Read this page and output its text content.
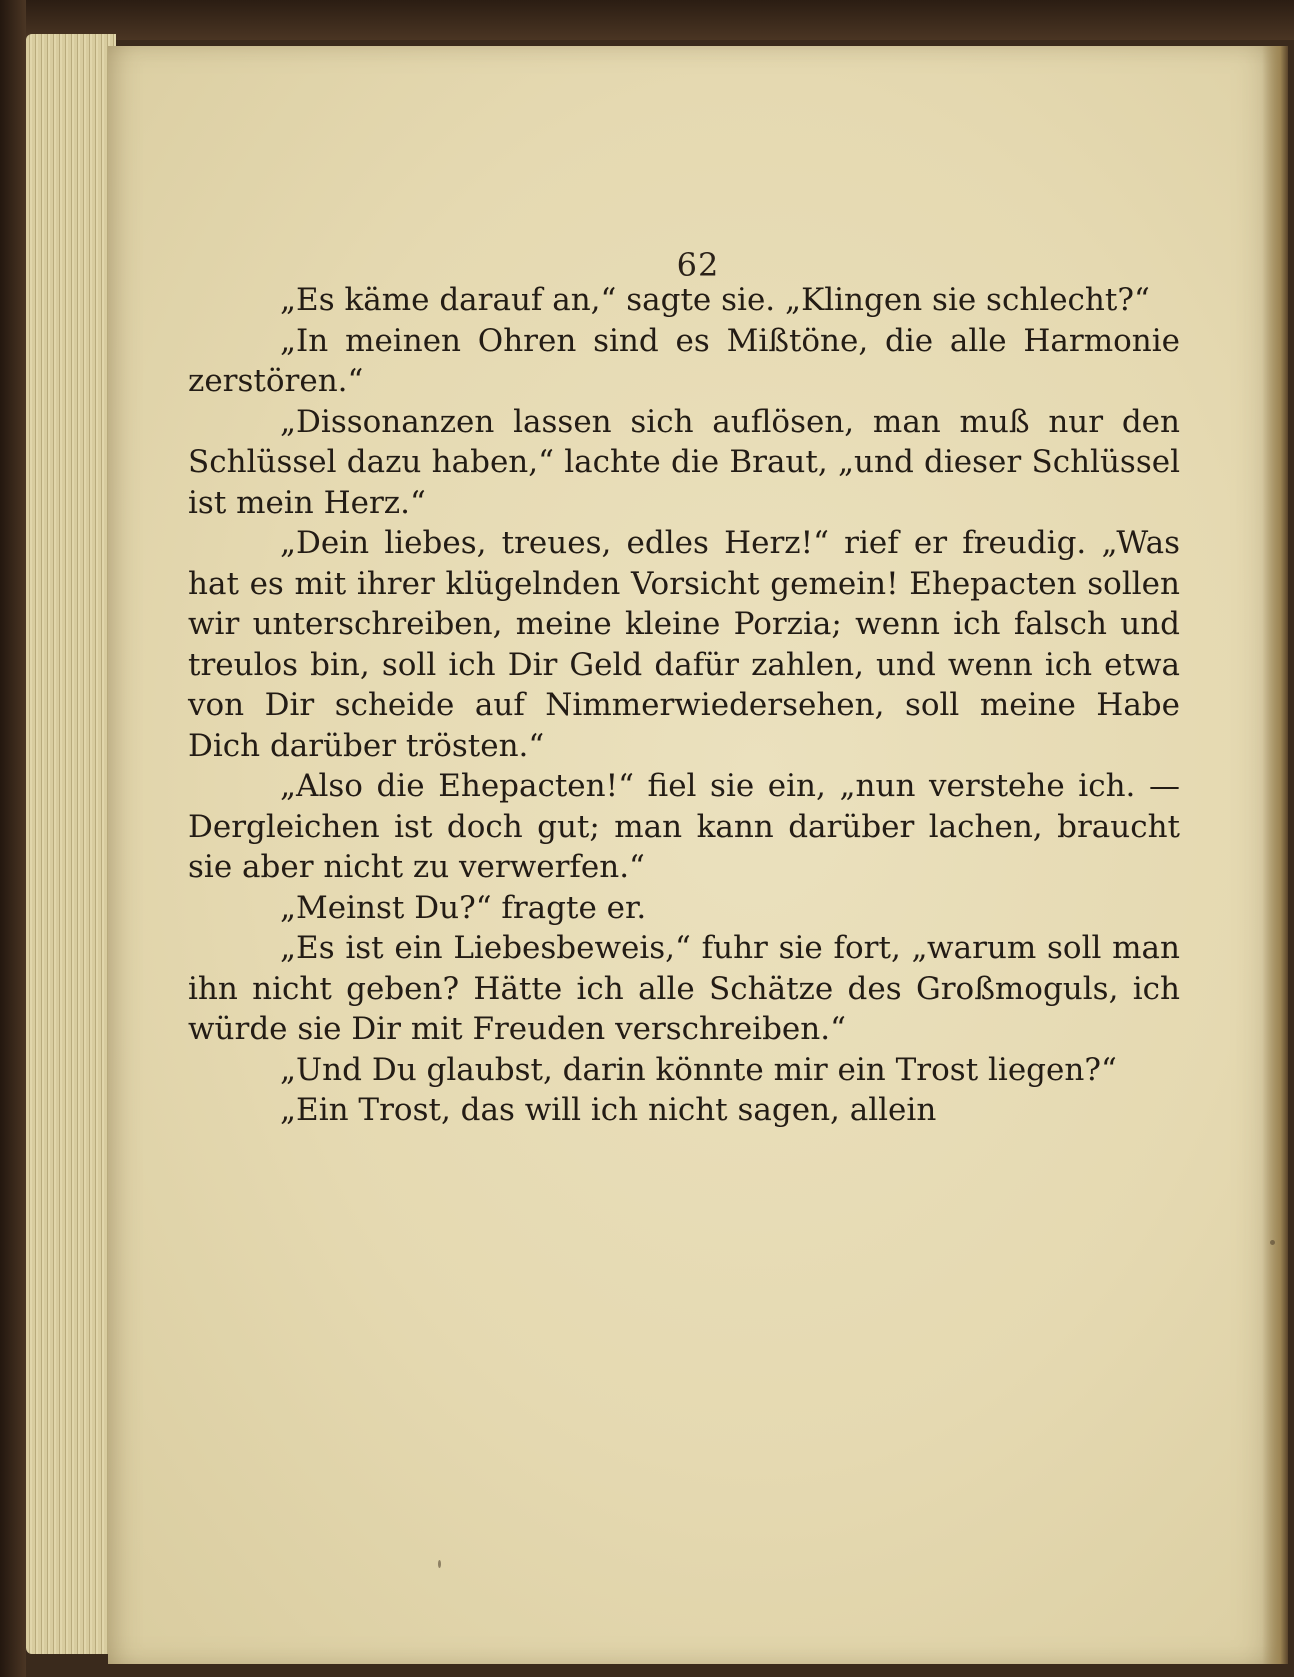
62

„Es käme darauf an,“ sagte sie. „Klingen sie schlecht?“

„In meinen Ohren sind es Mißtöne, die alle Harmonie zerstören.“

„Dissonanzen lassen sich auflösen, man muß nur den Schlüssel dazu haben,“ lachte die Braut, „und dieser Schlüssel ist mein Herz.“

„Dein liebes, treues, edles Herz!“ rief er freudig. „Was hat es mit ihrer klügelnden Vorsicht gemein! Ehepacten sollen wir unterschreiben, meine kleine Porzia; wenn ich falsch und treulos bin, soll ich Dir Geld dafür zahlen, und wenn ich etwa von Dir scheide auf Nimmerwiedersehen, soll meine Habe Dich darüber trösten.“

„Also die Ehepacten!“ fiel sie ein, „nun verstehe ich. — Dergleichen ist doch gut; man kann darüber lachen, braucht sie aber nicht zu verwerfen.“

„Meinst Du?“ fragte er.

„Es ist ein Liebesbeweis,“ fuhr sie fort, „warum soll man ihn nicht geben? Hätte ich alle Schätze des Großmoguls, ich würde sie Dir mit Freuden verschreiben.“

„Und Du glaubst, darin könnte mir ein Trost liegen?“

„Ein Trost, das will ich nicht sagen, allein
